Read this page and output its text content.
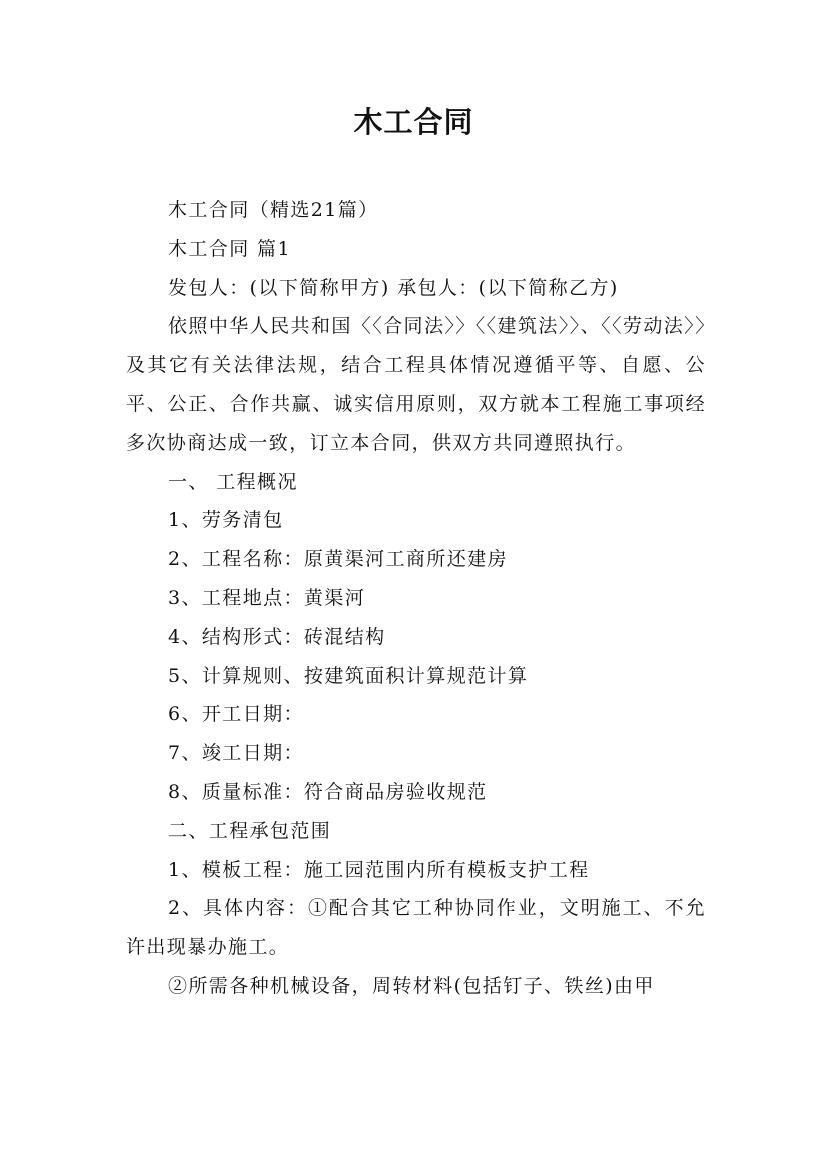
木工合同

木工合同（精选21篇）

木工合同 篇1

发包人：(以下简称甲方) 承包人：(以下简称乙方)

依照中华人民共和国〈〈合同法〉〉〈〈建筑法〉〉、〈〈劳动法〉〉及其它有关法律法规，结合工程具体情况遵循平等、自愿、公平、公正、合作共赢、诚实信用原则，双方就本工程施工事项经多次协商达成一致，订立本合同，供双方共同遵照执行。

一、 工程概况

1、劳务清包

2、工程名称：原黄渠河工商所还建房

3、工程地点：黄渠河

4、结构形式：砖混结构

5、计算规则、按建筑面积计算规范计算

6、开工日期：

7、竣工日期：

8、质量标准：符合商品房验收规范

二、工程承包范围

1、模板工程：施工园范围内所有模板支护工程

2、具体内容：①配合其它工种协同作业，文明施工、不允许出现暴办施工。

②所需各种机械设备，周转材料(包括钉子、铁丝)由甲
